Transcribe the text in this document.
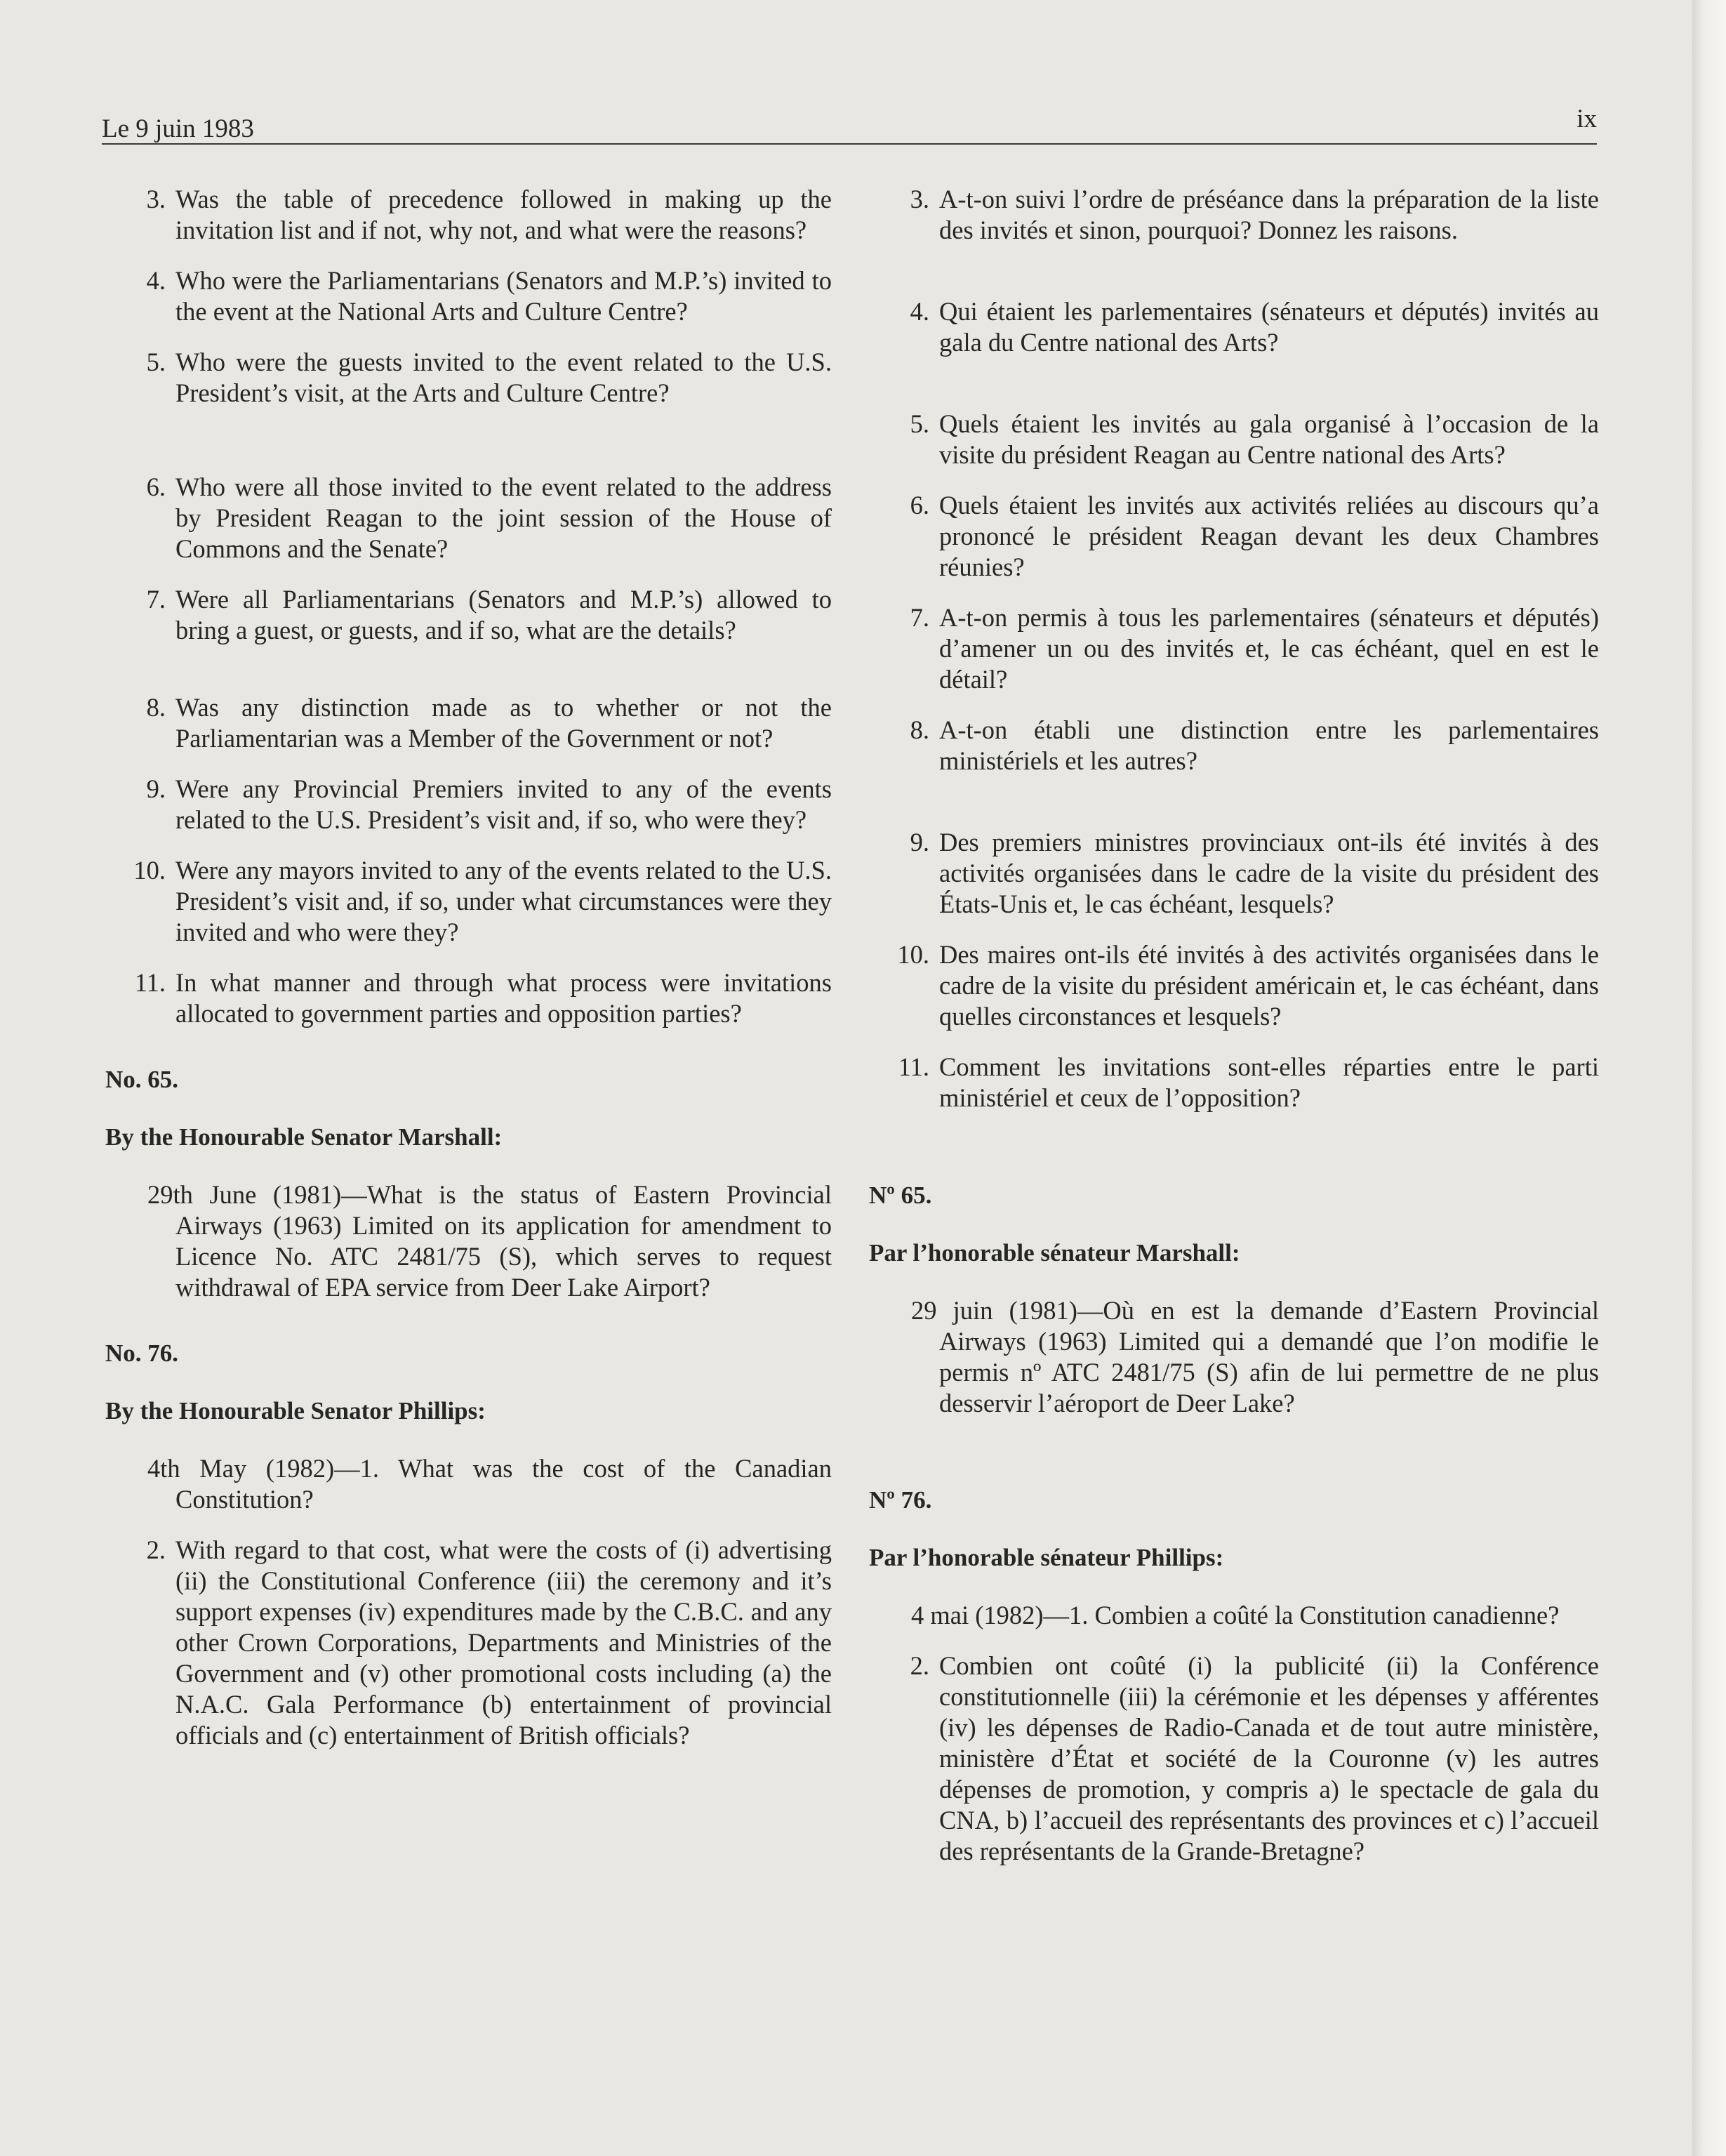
Le 9 juin 1983	ix
3. Was the table of precedence followed in making up the invitation list and if not, why not, and what were the reasons?
4. Who were the Parliamentarians (Senators and M.P.’s) invited to the event at the National Arts and Culture Centre?
5. Who were the guests invited to the event related to the U.S. President’s visit, at the Arts and Culture Centre?
6. Who were all those invited to the event related to the address by President Reagan to the joint session of the House of Commons and the Senate?
7. Were all Parliamentarians (Senators and M.P.’s) allowed to bring a guest, or guests, and if so, what are the details?
8. Was any distinction made as to whether or not the Parliamentarian was a Member of the Government or not?
9. Were any Provincial Premiers invited to any of the events related to the U.S. President’s visit and, if so, who were they?
10. Were any mayors invited to any of the events related to the U.S. President’s visit and, if so, under what circumstances were they invited and who were they?
11. In what manner and through what process were invitations allocated to government parties and opposition parties?
No. 65.
By the Honourable Senator Marshall:
29th June (1981)—What is the status of Eastern Provincial Airways (1963) Limited on its application for amendment to Licence No. ATC 2481/75 (S), which serves to request withdrawal of EPA service from Deer Lake Airport?
No. 76.
By the Honourable Senator Phillips:
4th May (1982)—1. What was the cost of the Canadian Constitution?
2. With regard to that cost, what were the costs of (i) advertising (ii) the Constitutional Conference (iii) the ceremony and it’s support expenses (iv) expenditures made by the C.B.C. and any other Crown Corporations, Departments and Ministries of the Government and (v) other promotional costs including (a) the N.A.C. Gala Performance (b) entertainment of provincial officials and (c) entertainment of British officials?
3. A-t-on suivi l’ordre de préséance dans la préparation de la liste des invités et sinon, pourquoi? Donnez les raisons.
4. Qui étaient les parlementaires (sénateurs et députés) invités au gala du Centre national des Arts?
5. Quels étaient les invités au gala organisé à l’occasion de la visite du président Reagan au Centre national des Arts?
6. Quels étaient les invités aux activités reliées au discours qu’a prononcé le président Reagan devant les deux Chambres réunies?
7. A-t-on permis à tous les parlementaires (sénateurs et députés) d’amener un ou des invités et, le cas échéant, quel en est le détail?
8. A-t-on établi une distinction entre les parlementaires ministériels et les autres?
9. Des premiers ministres provinciaux ont-ils été invités à des activités organisées dans le cadre de la visite du président des États-Unis et, le cas échéant, lesquels?
10. Des maires ont-ils été invités à des activités organisées dans le cadre de la visite du président américain et, le cas échéant, dans quelles circonstances et lesquels?
11. Comment les invitations sont-elles réparties entre le parti ministériel et ceux de l’opposition?
Nº 65.
Par l’honorable sénateur Marshall:
29 juin (1981)—Où en est la demande d’Eastern Provincial Airways (1963) Limited qui a demandé que l’on modifie le permis nº ATC 2481/75 (S) afin de lui permettre de ne plus desservir l’aéroport de Deer Lake?
Nº 76.
Par l’honorable sénateur Phillips:
4 mai (1982)—1. Combien a coûté la Constitution canadienne?
2. Combien ont coûté (i) la publicité (ii) la Conférence constitutionnelle (iii) la cérémonie et les dépenses y afférentes (iv) les dépenses de Radio-Canada et de tout autre ministère, ministère d’État et société de la Couronne (v) les autres dépenses de promotion, y compris a) le spectacle de gala du CNA, b) l’accueil des représentants des provinces et c) l’accueil des représentants de la Grande-Bretagne?
